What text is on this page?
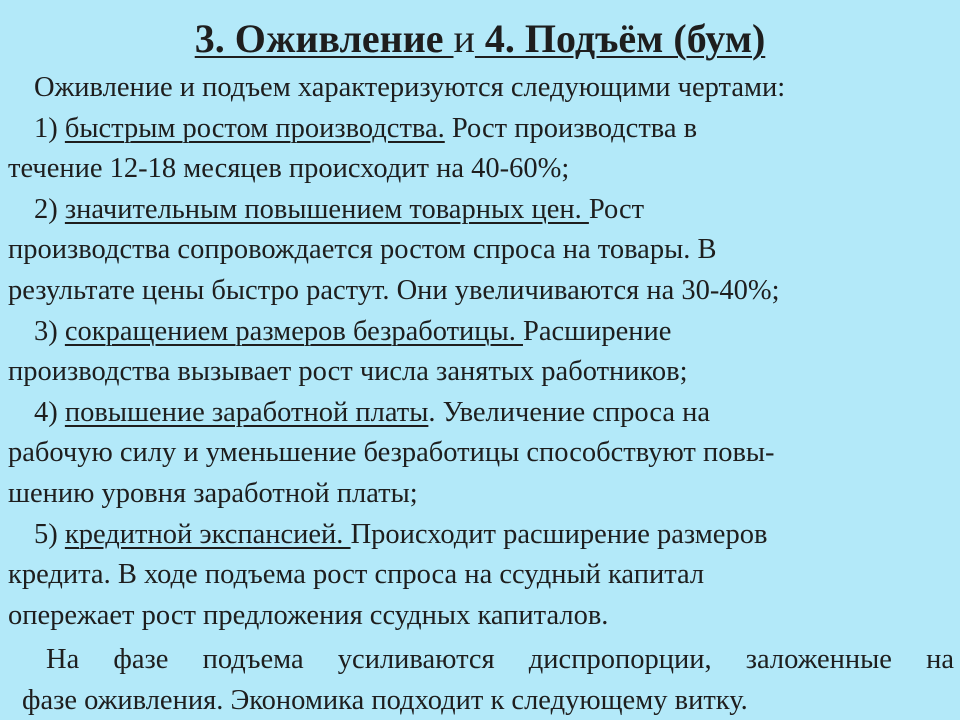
3. Оживление и 4. Подъём (бум)
Оживление и подъем характеризуются следующими чертами:
1) быстрым ростом производства. Рост производства в
течение 12-18 месяцев происходит на 40-60%;
2) значительным повышением товарных цен. Рост
производства сопровождается ростом спроса на товары. В
результате цены быстро растут. Они увеличиваются на 30-40%;
3) сокращением размеров безработицы. Расширение
производства вызывает рост числа занятых работников;
4) повышение заработной платы. Увеличение спроса на
рабочую силу и уменьшение безработицы способствуют повы-
шению уровня заработной платы;
5) кредитной экспансией. Происходит расширение размеров
кредита. В ходе подъема рост спроса на ссудный капитал
опережает рост предложения ссудных капиталов.
На фазе подъема усиливаются диспропорции, заложенные на
фазе оживления. Экономика подходит к следующему витку.
